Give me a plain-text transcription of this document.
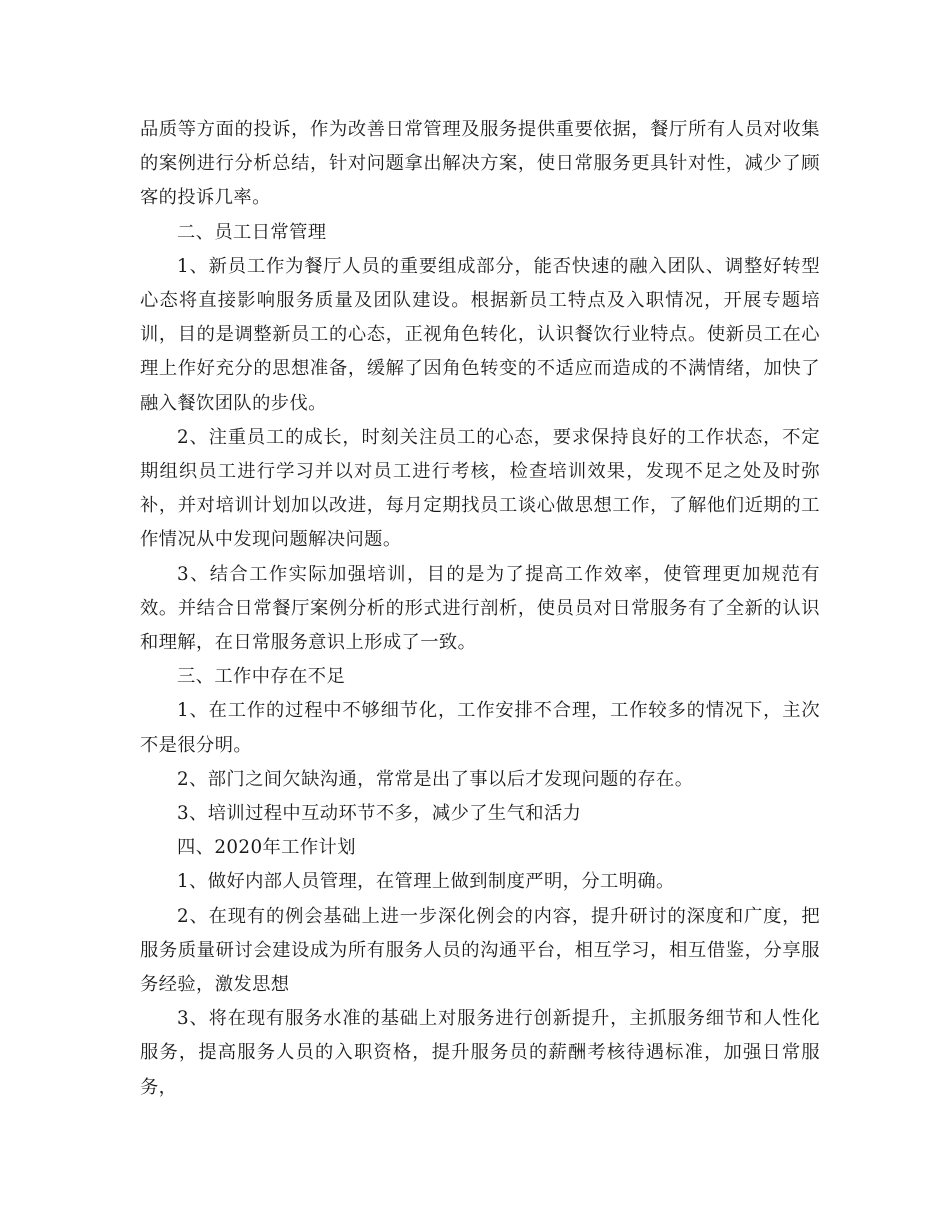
品质等方面的投诉，作为改善日常管理及服务提供重要依据，餐厅所有人员对收集的案例进行分析总结，针对问题拿出解决方案，使日常服务更具针对性，减少了顾客的投诉几率。

二、员工日常管理

1、新员工作为餐厅人员的重要组成部分，能否快速的融入团队、调整好转型心态将直接影响服务质量及团队建设。根据新员工特点及入职情况，开展专题培训，目的是调整新员工的心态，正视角色转化，认识餐饮行业特点。使新员工在心理上作好充分的思想准备，缓解了因角色转变的不适应而造成的不满情绪，加快了融入餐饮团队的步伐。

2、注重员工的成长，时刻关注员工的心态，要求保持良好的工作状态，不定期组织员工进行学习并以对员工进行考核，检查培训效果，发现不足之处及时弥补，并对培训计划加以改进，每月定期找员工谈心做思想工作，了解他们近期的工作情况从中发现问题解决问题。

3、结合工作实际加强培训，目的是为了提高工作效率，使管理更加规范有效。并结合日常餐厅案例分析的形式进行剖析，使员员对日常服务有了全新的认识和理解，在日常服务意识上形成了一致。

三、工作中存在不足

1、在工作的过程中不够细节化，工作安排不合理，工作较多的情况下，主次不是很分明。

2、部门之间欠缺沟通，常常是出了事以后才发现问题的存在。

3、培训过程中互动环节不多，减少了生气和活力

四、2020年工作计划

1、做好内部人员管理，在管理上做到制度严明，分工明确。

2、在现有的例会基础上进一步深化例会的内容，提升研讨的深度和广度，把服务质量研讨会建设成为所有服务人员的沟通平台，相互学习，相互借鉴，分享服务经验，激发思想

3、将在现有服务水准的基础上对服务进行创新提升，主抓服务细节和人性化服务，提高服务人员的入职资格，提升服务员的薪酬考核待遇标准，加强日常服务，
